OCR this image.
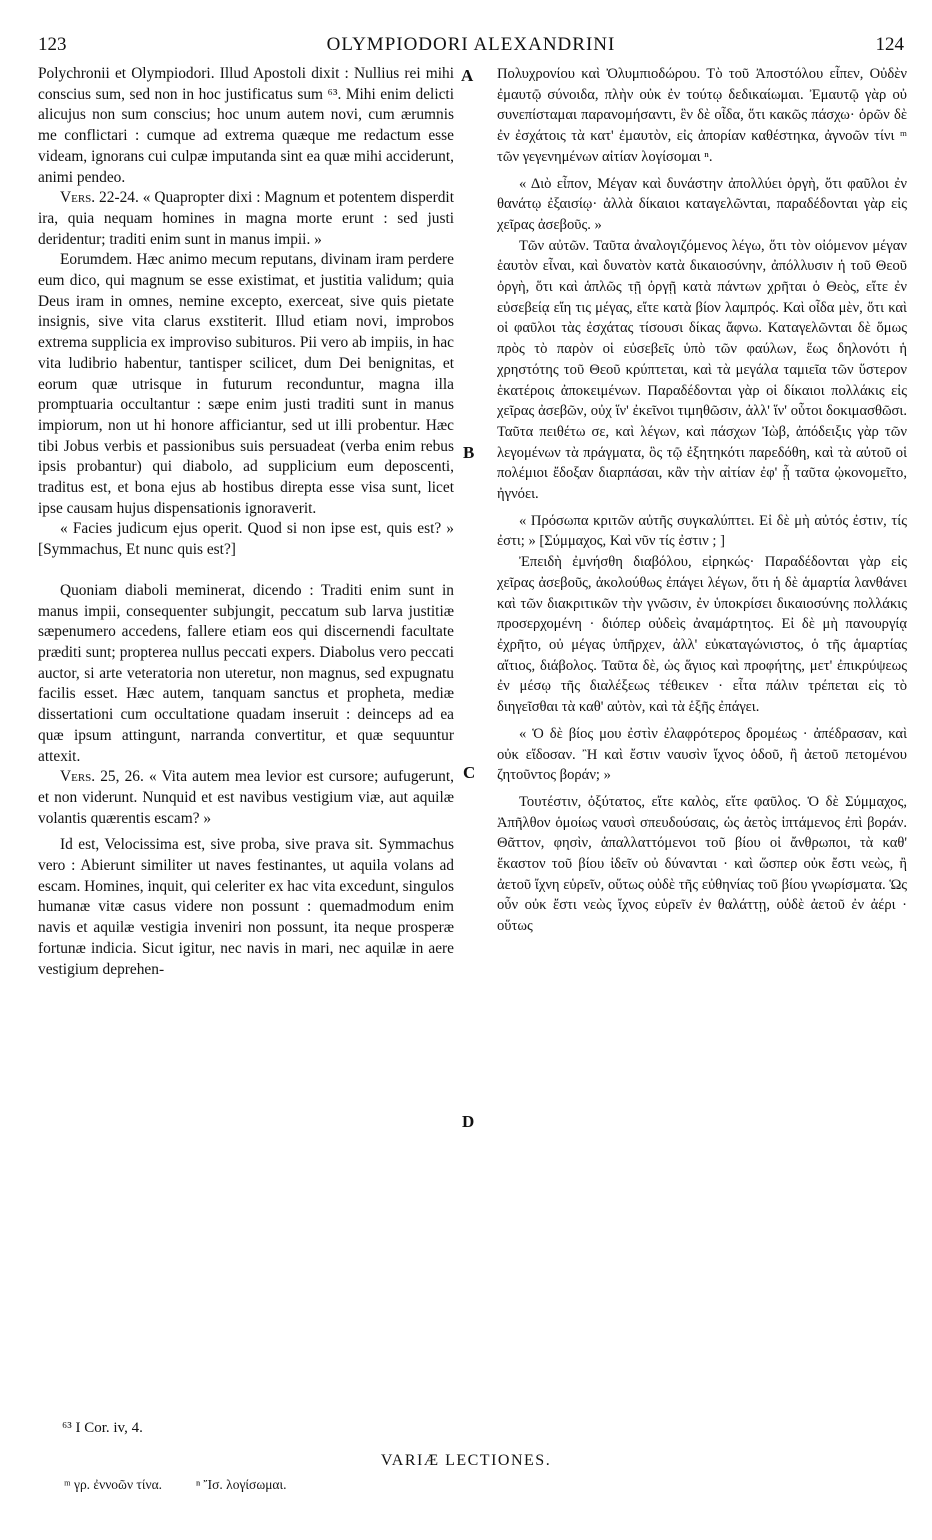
123	OLYMPIODORI ALEXANDRINI	124

Polychronii et Olympiodori. Illud Apostoli dixit : Nullius rei mihi conscius sum, sed non in hoc justificatus sum ⁶³. Mihi enim delicti alicujus non sum conscius; hoc unum autem novi, cum ærumnis me conflictari : cumque ad extrema quæque me redactum esse videam, ignorans cui culpæ imputanda sint ea quæ mihi acciderunt, animi pendeo.

Vers. 22-24. « Quapropter dixi : Magnum et potentem disperdit ira, quia nequam homines in magna morte erunt : sed justi deridentur; traditi enim sunt in manus impii. »

Eorumdem. Hæc animo mecum reputans, divinam iram perdere eum dico, qui magnum se esse existimat, et justitia validum; quia Deus iram in omnes, nemine excepto, exerceat, sive quis pietate insignis, sive vita clarus exstiterit. Illud etiam novi, improbos extrema supplicia ex improviso subituros. Pii vero ab impiis, in hac vita ludibrio habentur, tantisper scilicet, dum Dei benignitas, et eorum quæ utrisque in futurum reconduntur, magna illa promptuaria occultantur : sæpe enim justi traditi sunt in manus impiorum, non ut hi honore afficiantur, sed ut illi probentur. Hæc tibi Jobus verbis et passionibus suis persuadeat (verba enim rebus ipsis probantur) qui diabolo, ad supplicium eum deposcenti, traditus est, et bona ejus ab hostibus direpta esse visa sunt, licet ipse causam hujus dispensationis ignoraverit.

« Facies judicum ejus operit. Quod si non ipse est, quis est? » [Symmachus, Et nunc quis est?]

Quoniam diaboli meminerat, dicendo : Traditi enim sunt in manus impii, consequenter subjungit, peccatum sub larva justitiæ sæpenumero accedens, fallere etiam eos qui discernendi facultate præditi sunt; propterea nullus peccati expers. Diabolus vero peccati auctor, si arte veteratoria non uteretur, non magnus, sed expugnatu facilis esset. Hæc autem, tanquam sanctus et propheta, mediæ dissertationi cum occultatione quadam inseruit : deinceps ad ea quæ ipsum attingunt, narranda convertitur, et quæ sequuntur attexit.

Vers. 25, 26. « Vita autem mea levior est cursore; aufugerunt, et non viderunt. Nunquid et est navibus vestigium viæ, aut aquilæ volantis quærentis escam? »

Id est, Velocissima est, sive proba, sive prava sit. Symmachus vero : Abierunt similiter ut naves festinantes, ut aquila volans ad escam. Homines, inquit, qui celeriter ex hac vita excedunt, singulos humanæ vitæ casus videre non possunt : quemadmodum enim navis et aquilæ vestigia inveniri non possunt, ita neque prosperæ fortunæ indicia. Sicut igitur, nec navis in mari, nec aquilæ in aere vestigium deprehen-

A
B
C
D

Πολυχρονίου καὶ Ὀλυμπιοδώρου. Τὸ τοῦ Ἀποστόλου εἶπεν, Οὐδὲν ἐμαυτῷ σύνοιδα, πλὴν οὐκ ἐν τούτῳ δεδικαίωμαι. Ἐμαυτῷ γὰρ οὐ συνεπίσταμαι παρανομήσαντι, ἓν δὲ οἶδα, ὅτι κακῶς πάσχω· ὁρῶν δὲ ἐν ἐσχάτοις τὰ κατ' ἐμαυτὸν, εἰς ἀπορίαν καθέστηκα, ἀγνοῶν τίνι ᵐ τῶν γεγενημένων αἰτίαν λογίσομαι ⁿ.

« Διὸ εἶπον, Μέγαν καὶ δυνάστην ἀπολλύει ὀργὴ, ὅτι φαῦλοι ἐν θανάτῳ ἐξαισίῳ· ἀλλὰ δίκαιοι καταγελῶνται, παραδέδονται γὰρ εἰς χεῖρας ἀσεβοῦς. »

Τῶν αὐτῶν. Ταῦτα ἀναλογιζόμενος λέγω, ὅτι τὸν οἰόμενον μέγαν ἑαυτὸν εἶναι, καὶ δυνατὸν κατὰ δικαιοσύνην, ἀπόλλυσιν ἡ τοῦ Θεοῦ ὀργὴ, ὅτι καὶ ἁπλῶς τῇ ὀργῇ κατὰ πάντων χρῆται ὁ Θεὸς, εἴτε ἐν εὐσεβείᾳ εἴη τις μέγας, εἴτε κατὰ βίον λαμπρός. Καὶ οἶδα μὲν, ὅτι καὶ οἱ φαῦλοι τὰς ἐσχάτας τίσουσι δίκας ἄφνω. Καταγελῶνται δὲ ὅμως πρὸς τὸ παρὸν οἱ εὐσεβεῖς ὑπὸ τῶν φαύλων, ἕως δηλονότι ἡ χρηστότης τοῦ Θεοῦ κρύπτεται, καὶ τὰ μεγάλα ταμιεῖα τῶν ὕστερον ἑκατέροις ἀποκειμένων. Παραδέδονται γὰρ οἱ δίκαιοι πολλάκις εἰς χεῖρας ἀσεβῶν, οὐχ ἵν' ἐκεῖνοι τιμηθῶσιν, ἀλλ' ἵν' οὗτοι δοκιμασθῶσι. Ταῦτα πειθέτω σε, καὶ λέγων, καὶ πάσχων Ἰὼβ, ἀπόδειξις γὰρ τῶν λεγομένων τὰ πράγματα, ὃς τῷ ἐξητηκότι παρεδόθη, καὶ τὰ αὐτοῦ οἱ πολέμιοι ἔδοξαν διαρπάσαι, κἂν τὴν αἰτίαν ἐφ' ᾗ ταῦτα ᾠκονομεῖτο, ἠγνόει.

« Πρόσωπα κριτῶν αὐτῆς συγκαλύπτει. Εἰ δὲ μὴ αὐτός ἐστιν, τίς ἐστι; » [Σύμμαχος, Καὶ νῦν τίς ἐστιν ; ]

Ἐπειδὴ ἐμνήσθη διαβόλου, εἰρηκώς· Παραδέδονται γὰρ εἰς χεῖρας ἀσεβοῦς, ἀκολούθως ἐπάγει λέγων, ὅτι ἡ δὲ ἁμαρτία λανθάνει καὶ τῶν διακριτικῶν τὴν γνῶσιν, ἐν ὑποκρίσει δικαιοσύνης πολλάκις προσερχομένη · διόπερ οὐδεὶς ἀναμάρτητος. Εἰ δὲ μὴ πανουργίᾳ ἐχρῆτο, οὐ μέγας ὑπῆρχεν, ἀλλ' εὐκαταγώνιστος, ὁ τῆς ἁμαρτίας αἴτιος, διάβολος. Ταῦτα δὲ, ὡς ἅγιος καὶ προφήτης, μετ' ἐπικρύψεως ἐν μέσῳ τῆς διαλέξεως τέθεικεν · εἶτα πάλιν τρέπεται εἰς τὸ διηγεῖσθαι τὰ καθ' αὐτὸν, καὶ τὰ ἑξῆς ἐπάγει.

« Ὁ δὲ βίος μου ἐστὶν ἐλαφρότερος δρομέως · ἀπέδρασαν, καὶ οὐκ εἴδοσαν. Ἢ καὶ ἔστιν ναυσὶν ἴχνος ὁδοῦ, ἢ ἀετοῦ πετομένου ζητοῦντος βοράν; »

Τουτέστιν, ὀξύτατος, εἴτε καλὸς, εἴτε φαῦλος. Ὁ δὲ Σύμμαχος, Ἀπῆλθον ὁμοίως ναυσὶ σπευδούσαις, ὡς ἀετὸς ἱπτάμενος ἐπὶ βοράν. Θᾶττον, φησὶν, ἀπαλλαττόμενοι τοῦ βίου οἱ ἄνθρωποι, τὰ καθ' ἕκαστον τοῦ βίου ἰδεῖν οὐ δύνανται · καὶ ὥσπερ οὐκ ἔστι νεὼς, ἢ ἀετοῦ ἴχνη εὑρεῖν, οὕτως οὐδὲ τῆς εὐθηνίας τοῦ βίου γνωρίσματα. Ὡς οὖν οὐκ ἔστι νεὼς ἴχνος εὑρεῖν ἐν θαλάττῃ, οὐδὲ ἀετοῦ ἐν ἀέρι · οὕτως

⁶³ I Cor. iv, 4.
VARIÆ LECTIONES.
ᵐ γρ. ἐννοῶν τίνα.	ⁿ Ἴσ. λογίσωμαι.
